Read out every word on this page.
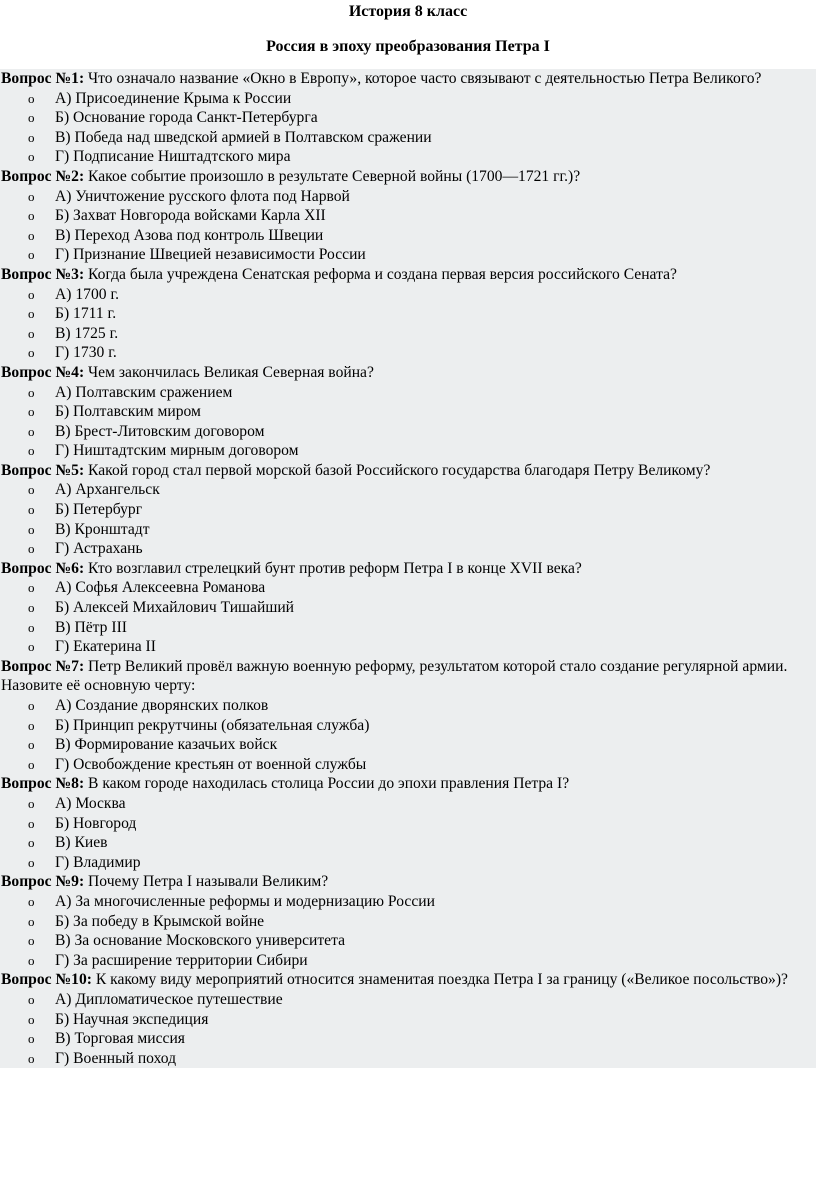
История 8 класс
Россия в эпоху преобразования Петра I
Вопрос №1: Что означало название «Окно в Европу», которое часто связывают с деятельностью Петра Великого?
o А) Присоединение Крыма к России
o Б) Основание города Санкт-Петербурга
o В) Победа над шведской армией в Полтавском сражении
o Г) Подписание Ништадтского мира
Вопрос №2: Какое событие произошло в результате Северной войны (1700—1721 гг.)?
o А) Уничтожение русского флота под Нарвой
o Б) Захват Новгорода войсками Карла XII
o В) Переход Азова под контроль Швеции
o Г) Признание Швецией независимости России
Вопрос №3: Когда была учреждена Сенатская реформа и создана первая версия российского Сената?
o А) 1700 г.
o Б) 1711 г.
o В) 1725 г.
o Г) 1730 г.
Вопрос №4: Чем закончилась Великая Северная война?
o А) Полтавским сражением
o Б) Полтавским миром
o В) Брест-Литовским договором
o Г) Ништадтским мирным договором
Вопрос №5: Какой город стал первой морской базой Российского государства благодаря Петру Великому?
o А) Архангельск
o Б) Петербург
o В) Кронштадт
o Г) Астрахань
Вопрос №6: Кто возглавил стрелецкий бунт против реформ Петра I в конце XVII века?
o А) Софья Алексеевна Романова
o Б) Алексей Михайлович Тишайший
o В) Пётр III
o Г) Екатерина II
Вопрос №7: Петр Великий провёл важную военную реформу, результатом которой стало создание регулярной армии. Назовите её основную черту:
o А) Создание дворянских полков
o Б) Принцип рекрутчины (обязательная служба)
o В) Формирование казачьих войск
o Г) Освобождение крестьян от военной службы
Вопрос №8: В каком городе находилась столица России до эпохи правления Петра I?
o А) Москва
o Б) Новгород
o В) Киев
o Г) Владимир
Вопрос №9: Почему Петра I называли Великим?
o А) За многочисленные реформы и модернизацию России
o Б) За победу в Крымской войне
o В) За основание Московского университета
o Г) За расширение территории Сибири
Вопрос №10: К какому виду мероприятий относится знаменитая поездка Петра I за границу («Великое посольство»)?
o А) Дипломатическое путешествие
o Б) Научная экспедиция
o В) Торговая миссия
o Г) Военный поход
